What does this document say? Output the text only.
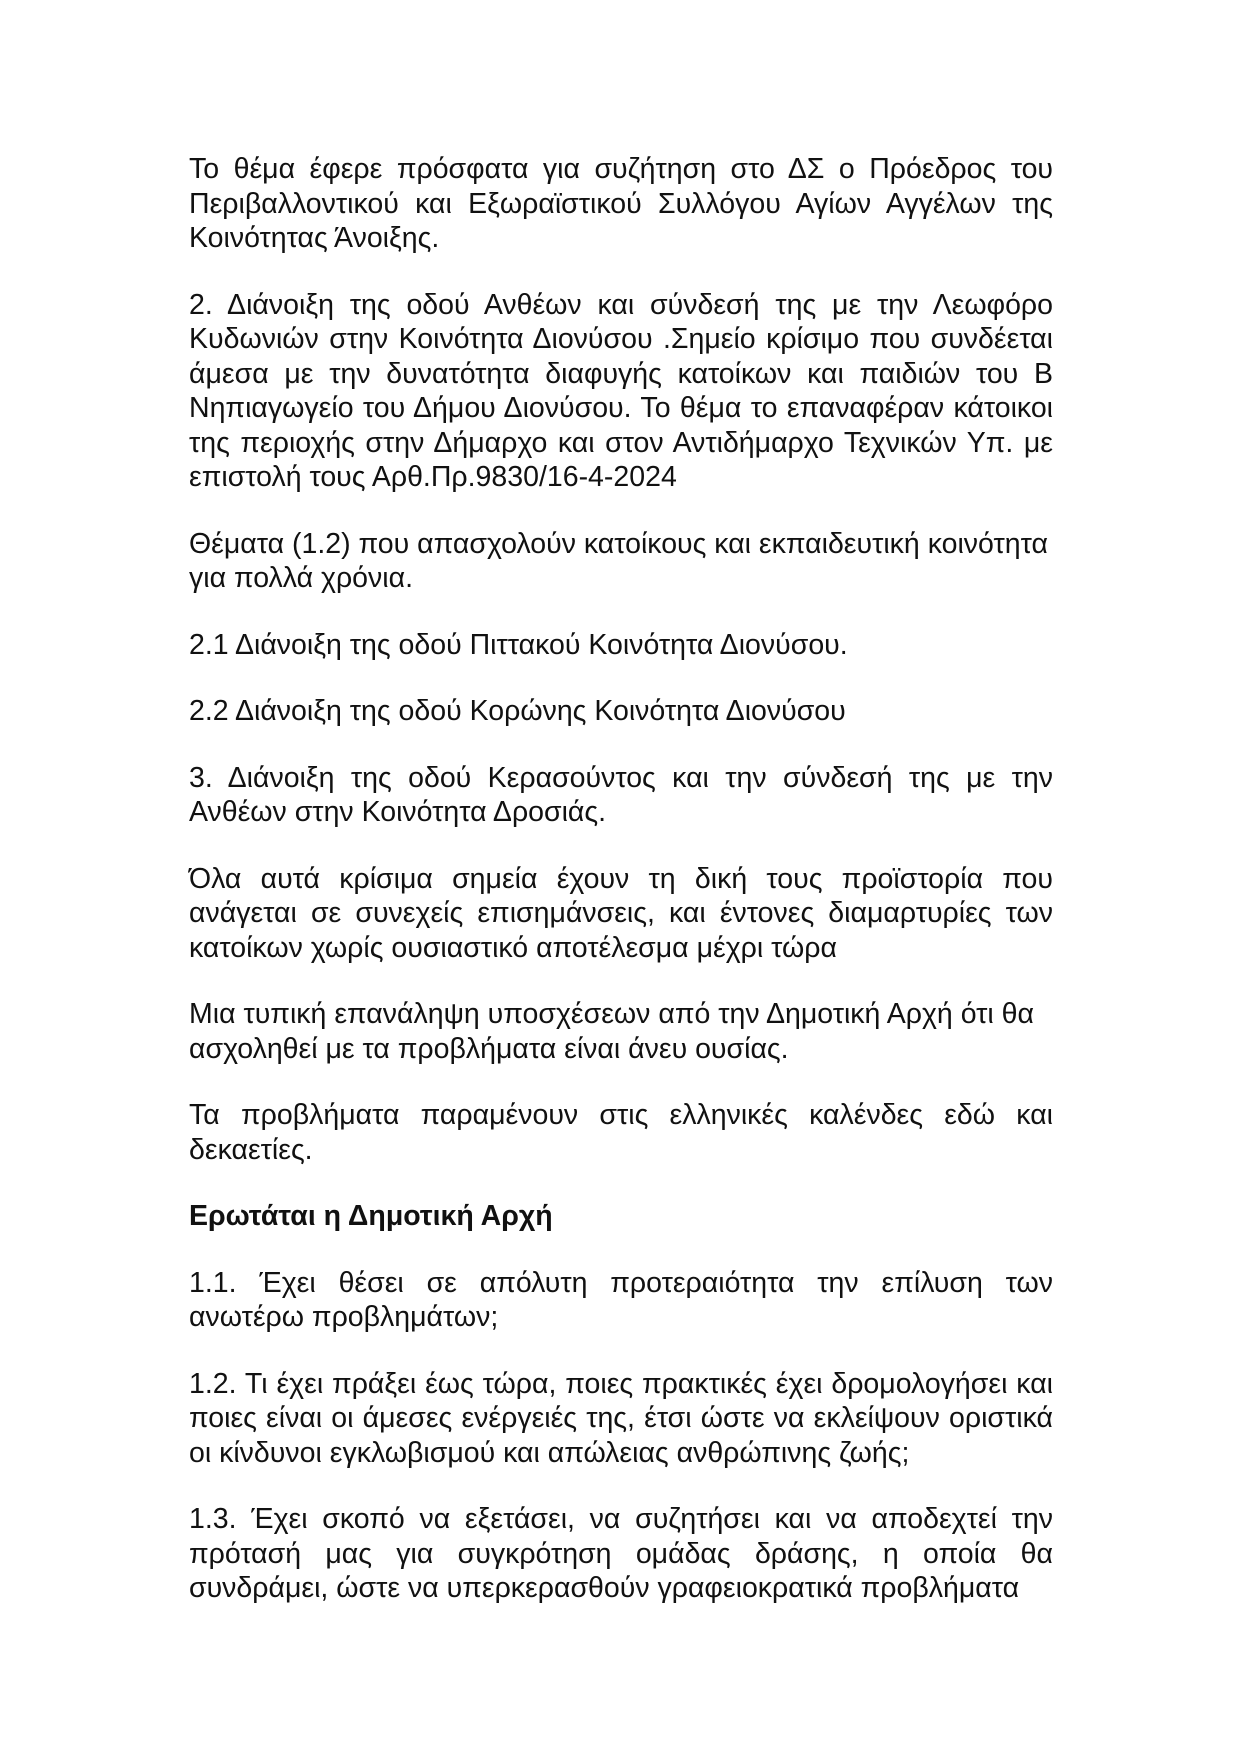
Το θέμα έφερε πρόσφατα για συζήτηση στο ΔΣ ο Πρόεδρος του Περιβαλλοντικού και Εξωραϊστικού Συλλόγου Αγίων Αγγέλων της Κοινότητας Άνοιξης.

2. Διάνοιξη της οδού Ανθέων και σύνδεσή της με την Λεωφόρο Κυδωνιών στην Κοινότητα Διονύσου .Σημείο κρίσιμο που συνδέεται άμεσα με την δυνατότητα διαφυγής κατοίκων και παιδιών του Β Νηπιαγωγείο του Δήμου Διονύσου. Το θέμα το επαναφέραν κάτοικοι της περιοχής στην Δήμαρχο και στον Αντιδήμαρχο Τεχνικών Υπ. με επιστολή τους Αρθ.Πρ.9830/16-4-2024

Θέματα (1.2) που απασχολούν κατοίκους και εκπαιδευτική κοινότητα για πολλά χρόνια.

2.1 Διάνοιξη της οδού Πιττακού Κοινότητα Διονύσου.

2.2 Διάνοιξη της οδού Κορώνης Κοινότητα Διονύσου

3. Διάνοιξη της οδού Κερασούντος και την σύνδεσή της με την Ανθέων στην Κοινότητα Δροσιάς.

Όλα αυτά κρίσιμα σημεία έχουν τη δική τους προϊστορία που ανάγεται σε συνεχείς επισημάνσεις, και έντονες διαμαρτυρίες των κατοίκων χωρίς ουσιαστικό αποτέλεσμα μέχρι τώρα

Μια τυπική επανάληψη υποσχέσεων από την Δημοτική Αρχή ότι θα ασχοληθεί με τα προβλήματα είναι άνευ ουσίας.

Τα προβλήματα παραμένουν στις ελληνικές καλένδες εδώ και δεκαετίες.

Ερωτάται η Δημοτική Αρχή

1.1. Έχει θέσει σε απόλυτη προτεραιότητα την επίλυση των ανωτέρω προβλημάτων;

1.2. Τι έχει πράξει έως τώρα, ποιες πρακτικές έχει δρομολογήσει και ποιες είναι οι άμεσες ενέργειές της, έτσι ώστε να εκλείψουν οριστικά οι κίνδυνοι εγκλωβισμού και απώλειας ανθρώπινης ζωής;

1.3. Έχει σκοπό να εξετάσει, να συζητήσει και να αποδεχτεί την πρότασή μας για συγκρότηση ομάδας δράσης, η οποία θα συνδράμει, ώστε να υπερκερασθούν γραφειοκρατικά προβλήματα
